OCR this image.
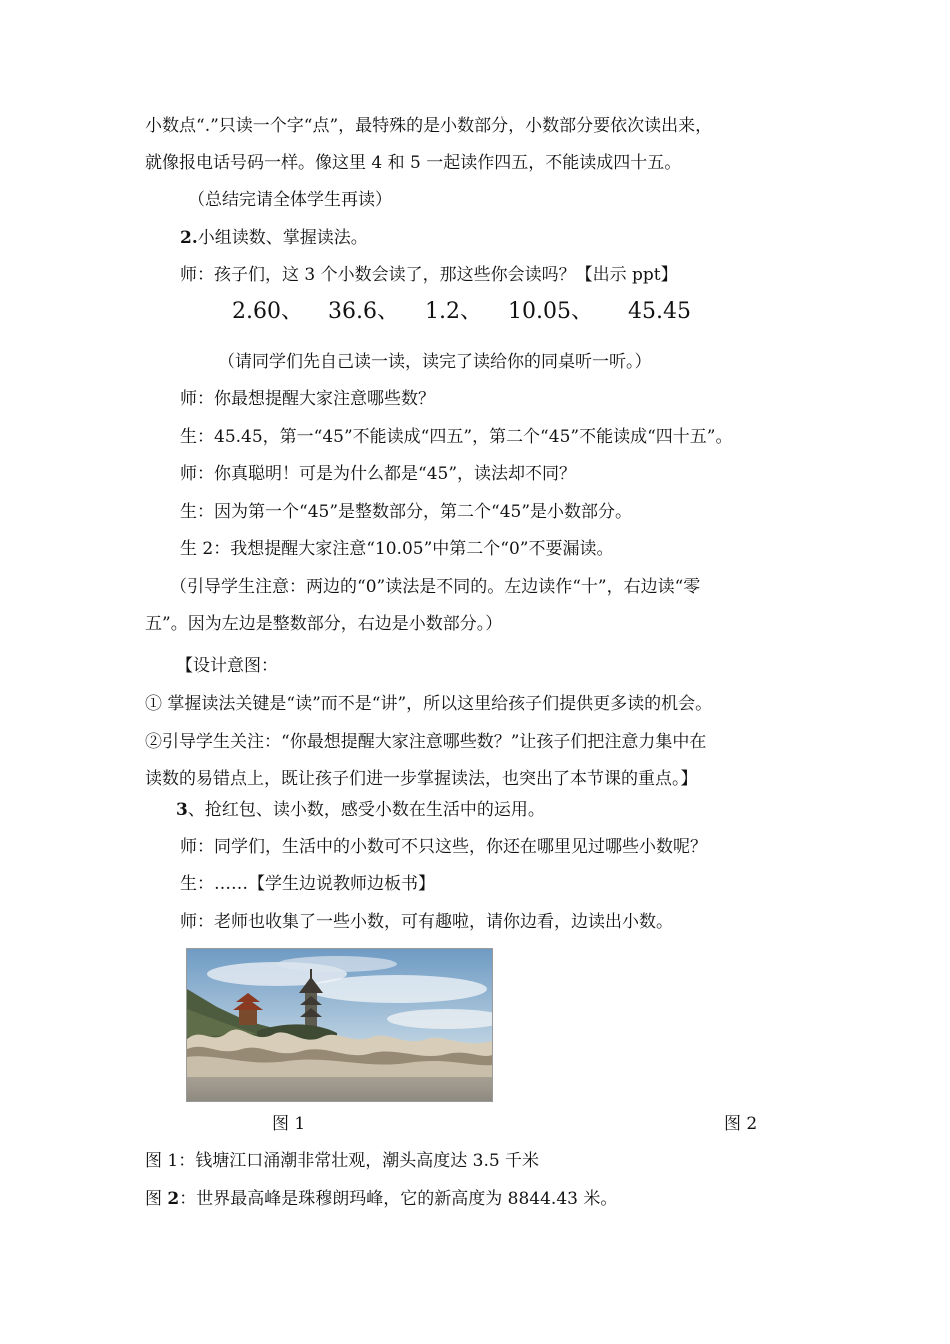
小数点“.”只读一个字“点”，最特殊的是小数部分，小数部分要依次读出来，
就像报电话号码一样。像这里 4 和 5 一起读作四五，不能读成四十五。
（总结完请全体学生再读）
2.小组读数、掌握读法。
师：孩子们，这 3 个小数会读了，那这些你会读吗？【出示 ppt】
2.60、 36.6、 1.2、 10.05、 45.45
（请同学们先自己读一读，读完了读给你的同桌听一听。）
师：你最想提醒大家注意哪些数？
生：45.45，第一“45”不能读成“四五”，第二个“45”不能读成“四十五”。
师：你真聪明！可是为什么都是“45”，读法却不同？
生：因为第一个“45”是整数部分，第二个“45”是小数部分。
生 2：我想提醒大家注意“10.05”中第二个“0”不要漏读。
（引导学生注意：两边的“0”读法是不同的。左边读作“十”，右边读“零
五”。因为左边是整数部分，右边是小数部分。）
【设计意图：
① 掌握读法关键是“读”而不是“讲”，所以这里给孩子们提供更多读的机会。
②引导学生关注：“你最想提醒大家注意哪些数？”让孩子们把注意力集中在
读数的易错点上，既让孩子们进一步掌握读法，也突出了本节课的重点。】
3、抢红包、读小数，感受小数在生活中的运用。
师：同学们，生活中的小数可不只这些，你还在哪里见过哪些小数呢？
生：……【学生边说教师边板书】
师：老师也收集了一些小数，可有趣啦，请你边看，边读出小数。
图 1	图 2
图 1：钱塘江口涌潮非常壮观，潮头高度达 3.5 千米
图 2：世界最高峰是珠穆朗玛峰，它的新高度为 8844.43 米。
